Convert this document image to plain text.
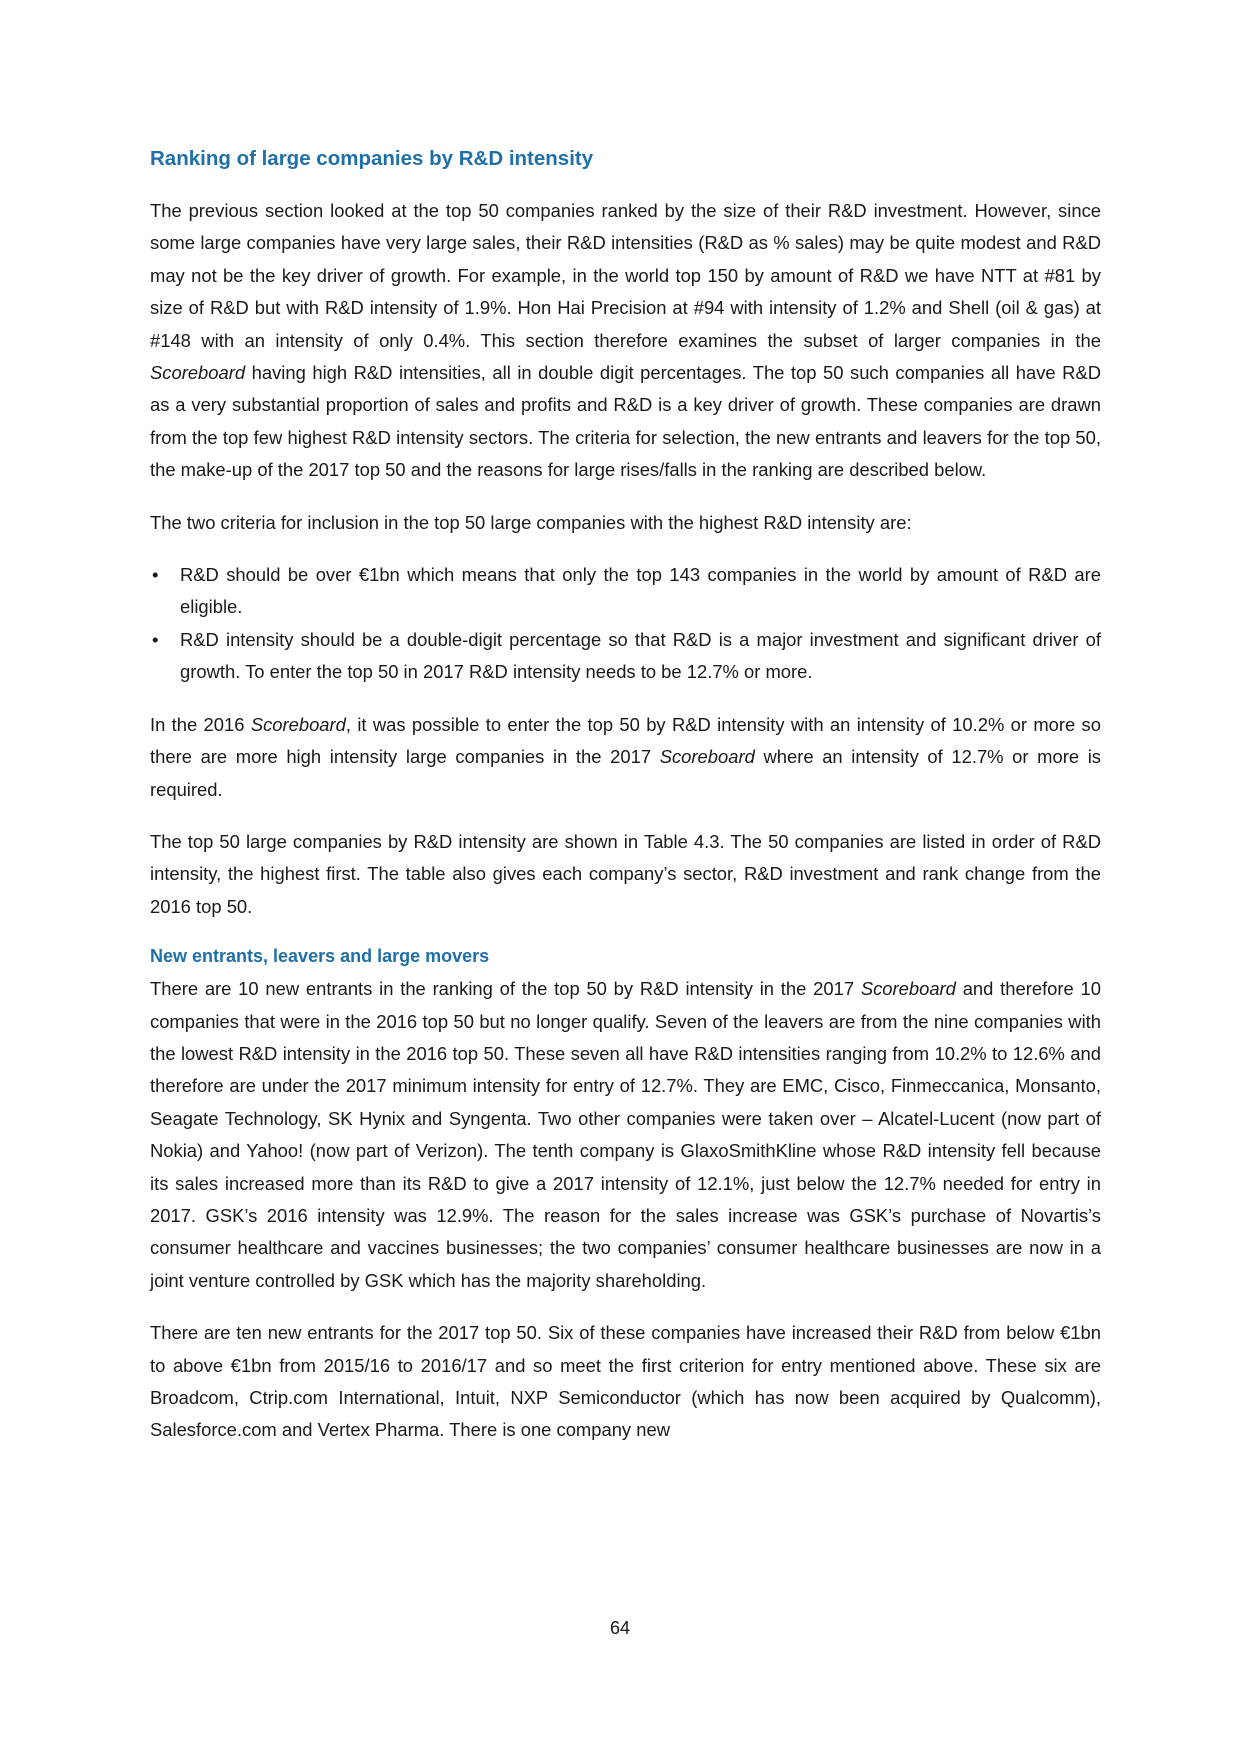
Ranking of large companies by R&D intensity

The previous section looked at the top 50 companies ranked by the size of their R&D investment. However, since some large companies have very large sales, their R&D intensities (R&D as % sales) may be quite modest and R&D may not be the key driver of growth. For example, in the world top 150 by amount of R&D we have NTT at #81 by size of R&D but with R&D intensity of 1.9%. Hon Hai Precision at #94 with intensity of 1.2% and Shell (oil & gas) at #148 with an intensity of only 0.4%. This section therefore examines the subset of larger companies in the Scoreboard having high R&D intensities, all in double digit percentages. The top 50 such companies all have R&D as a very substantial proportion of sales and profits and R&D is a key driver of growth. These companies are drawn from the top few highest R&D intensity sectors. The criteria for selection, the new entrants and leavers for the top 50, the make-up of the 2017 top 50 and the reasons for large rises/falls in the ranking are described below.

The two criteria for inclusion in the top 50 large companies with the highest R&D intensity are:

• R&D should be over €1bn which means that only the top 143 companies in the world by amount of R&D are eligible.
• R&D intensity should be a double-digit percentage so that R&D is a major investment and significant driver of growth. To enter the top 50 in 2017 R&D intensity needs to be 12.7% or more.

In the 2016 Scoreboard, it was possible to enter the top 50 by R&D intensity with an intensity of 10.2% or more so there are more high intensity large companies in the 2017 Scoreboard where an intensity of 12.7% or more is required.

The top 50 large companies by R&D intensity are shown in Table 4.3. The 50 companies are listed in order of R&D intensity, the highest first. The table also gives each company’s sector, R&D investment and rank change from the 2016 top 50.

New entrants, leavers and large movers

There are 10 new entrants in the ranking of the top 50 by R&D intensity in the 2017 Scoreboard and therefore 10 companies that were in the 2016 top 50 but no longer qualify. Seven of the leavers are from the nine companies with the lowest R&D intensity in the 2016 top 50. These seven all have R&D intensities ranging from 10.2% to 12.6% and therefore are under the 2017 minimum intensity for entry of 12.7%. They are EMC, Cisco, Finmeccanica, Monsanto, Seagate Technology, SK Hynix and Syngenta. Two other companies were taken over – Alcatel-Lucent (now part of Nokia) and Yahoo! (now part of Verizon). The tenth company is GlaxoSmithKline whose R&D intensity fell because its sales increased more than its R&D to give a 2017 intensity of 12.1%, just below the 12.7% needed for entry in 2017. GSK’s 2016 intensity was 12.9%. The reason for the sales increase was GSK’s purchase of Novartis’s consumer healthcare and vaccines businesses; the two companies’ consumer healthcare businesses are now in a joint venture controlled by GSK which has the majority shareholding.

There are ten new entrants for the 2017 top 50. Six of these companies have increased their R&D from below €1bn to above €1bn from 2015/16 to 2016/17 and so meet the first criterion for entry mentioned above. These six are Broadcom, Ctrip.com International, Intuit, NXP Semiconductor (which has now been acquired by Qualcomm), Salesforce.com and Vertex Pharma. There is one company new

64
